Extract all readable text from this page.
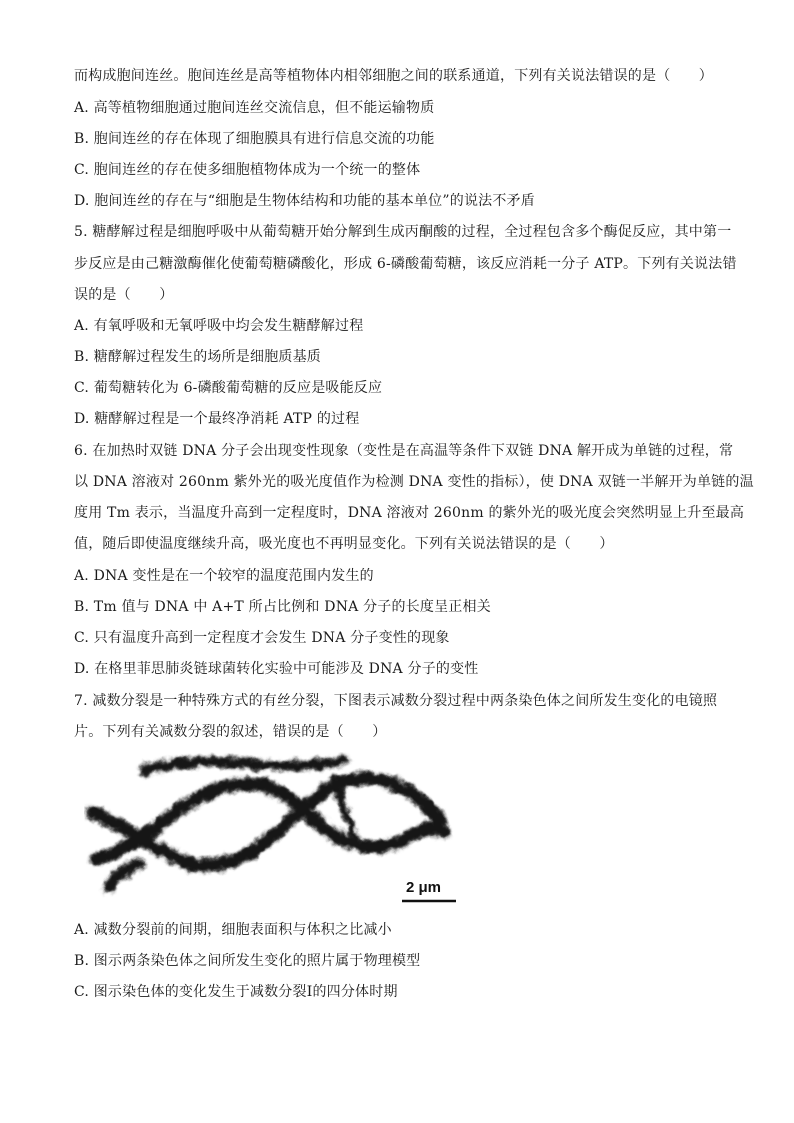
而构成胞间连丝。胞间连丝是高等植物体内相邻细胞之间的联系通道，下列有关说法错误的是（　　）
A. 高等植物细胞通过胞间连丝交流信息，但不能运输物质
B. 胞间连丝的存在体现了细胞膜具有进行信息交流的功能
C. 胞间连丝的存在使多细胞植物体成为一个统一的整体
D. 胞间连丝的存在与“细胞是生物体结构和功能的基本单位”的说法不矛盾
5. 糖酵解过程是细胞呼吸中从葡萄糖开始分解到生成丙酮酸的过程，全过程包含多个酶促反应，其中第一
步反应是由己糖激酶催化使葡萄糖磷酸化，形成 6-磷酸葡萄糖，该反应消耗一分子 ATP。下列有关说法错
误的是（　　）
A. 有氧呼吸和无氧呼吸中均会发生糖酵解过程
B. 糖酵解过程发生的场所是细胞质基质
C. 葡萄糖转化为 6-磷酸葡萄糖的反应是吸能反应
D. 糖酵解过程是一个最终净消耗 ATP 的过程
6. 在加热时双链 DNA 分子会出现变性现象（变性是在高温等条件下双链 DNA 解开成为单链的过程，常
以 DNA 溶液对 260nm 紫外光的吸光度值作为检测 DNA 变性的指标），使 DNA 双链一半解开为单链的温
度用 Tm 表示，当温度升高到一定程度时，DNA 溶液对 260nm 的紫外光的吸光度会突然明显上升至最高
值，随后即使温度继续升高，吸光度也不再明显变化。下列有关说法错误的是（　　）
A. DNA 变性是在一个较窄的温度范围内发生的
B. Tm 值与 DNA 中 A+T 所占比例和 DNA 分子的长度呈正相关
C. 只有温度升高到一定程度才会发生 DNA 分子变性的现象
D. 在格里菲思肺炎链球菌转化实验中可能涉及 DNA 分子的变性
7. 减数分裂是一种特殊方式的有丝分裂，下图表示减数分裂过程中两条染色体之间所发生变化的电镜照
片。下列有关减数分裂的叙述，错误的是（　　）
2 μm
A. 减数分裂前的间期，细胞表面积与体积之比减小
B. 图示两条染色体之间所发生变化的照片属于物理模型
C. 图示染色体的变化发生于减数分裂Ⅰ的四分体时期
